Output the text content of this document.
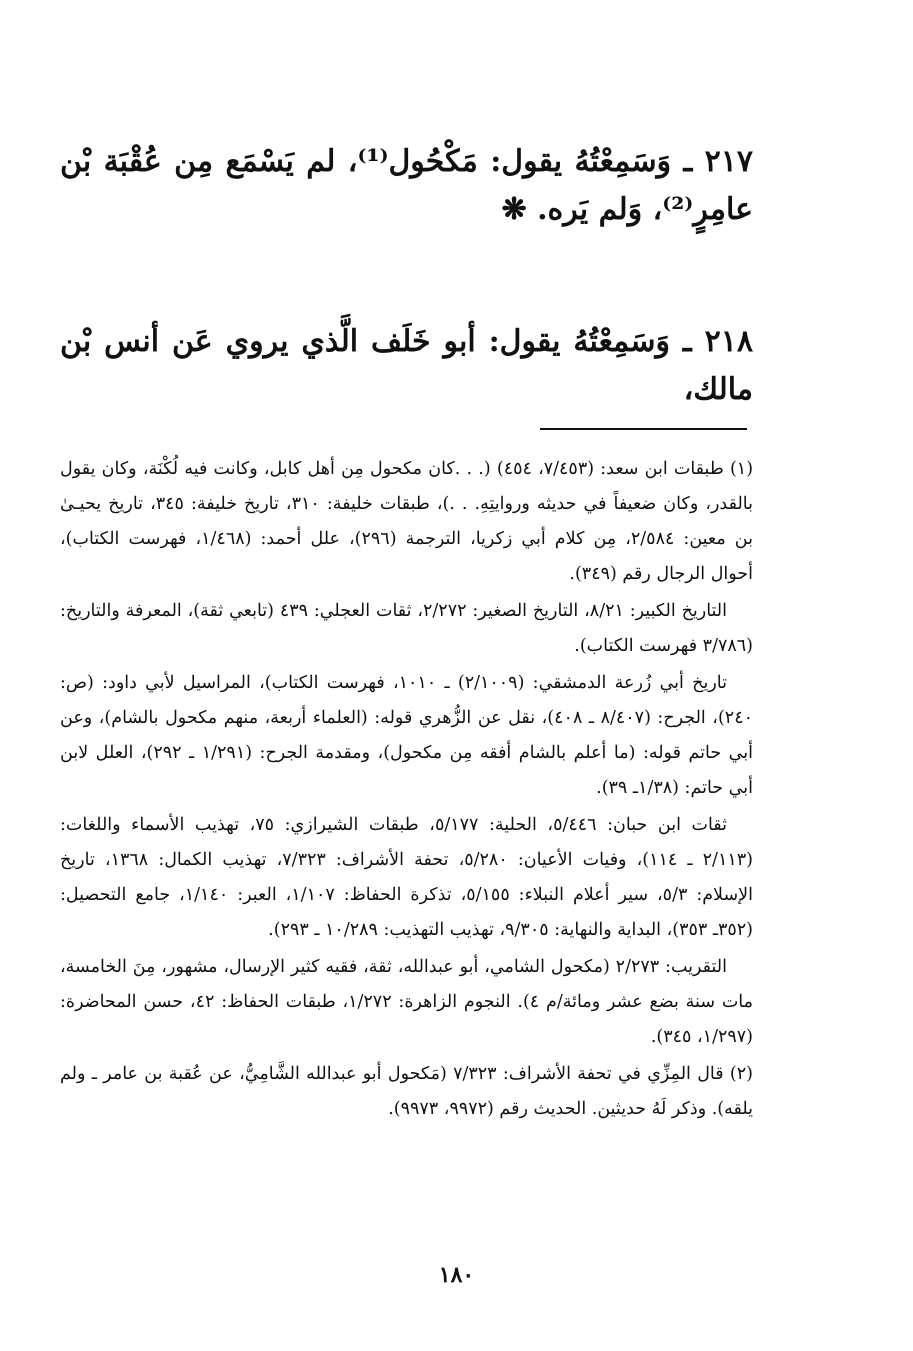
٢١٧ ـ وَسَمِعْتُهُ يقول: مَكْحُول⁽¹⁾، لم يَسْمَع مِن عُقْبَة بْن عامِرٍ⁽²⁾، وَلم يَره. ❋

٢١٨ ـ وَسَمِعْتُهُ يقول: أبو خَلَف الَّذي يروي عَن أنس بْن مالك،

(١) طبقات ابن سعد: (٧/٤٥٣، ٤٥٤) (. . .كان مكحول مِن أهل كابل، وكانت فيه لُكْنَة، وكان يقول بالقدر، وكان ضعيفاً في حديثه وروايتِهِ. . .)، طبقات خليفة: ٣١٠، تاريخ خليفة: ٣٤٥، تاريخ يحيـىٰ بن معين: ٢/٥٨٤، مِن كلام أبي زكريا، الترجمة (٢٩٦)، علل أحمد: (١/٤٦٨، فهرست الكتاب)، أحوال الرجال رقم (٣٤٩).

التاريخ الكبير: ٨/٢١، التاريخ الصغير: ٢/٢٧٢، ثقات العجلي: ٤٣٩ (تابعي ثقة)، المعرفة والتاريخ: (٣/٧٨٦ فهرست الكتاب).

تاريخ أبي زُرعة الدمشقي: (٢/١٠٠٩) ـ ١٠١٠، فهرست الكتاب)، المراسيل لأبي داود: (ص: ٢٤٠)، الجرح: (٨/٤٠٧ ـ ٤٠٨)، نقل عن الزُّهري قوله: (العلماء أربعة، منهم مكحول بالشام)، وعن أبي حاتم قوله: (ما أعلم بالشام أفقه مِن مكحول)، ومقدمة الجرح: (١/٢٩١ ـ ٢٩٢)، العلل لابن أبي حاتم: (١/٣٨ـ ٣٩).

ثقات ابن حبان: ٥/٤٤٦، الحلية: ٥/١٧٧، طبقات الشيرازي: ٧٥، تهذيب الأسماء واللغات: (٢/١١٣ ـ ١١٤)، وفيات الأعيان: ٥/٢٨٠، تحفة الأشراف: ٧/٣٢٣، تهذيب الكمال: ١٣٦٨، تاريخ الإسلام: ٥/٣، سير أعلام النبلاء: ٥/١٥٥، تذكرة الحفاظ: ١/١٠٧، العبر: ١/١٤٠، جامع التحصيل: (٣٥٢ـ ٣٥٣)، البداية والنهاية: ٩/٣٠٥، تهذيب التهذيب: ١٠/٢٨٩ ـ ٢٩٣).

التقريب: ٢/٢٧٣ (مكحول الشامي، أبو عبدالله، ثقة، فقيه كثير الإرسال، مشهور، مِنَ الخامسة، مات سنة بضع عشر ومائة/م ٤). النجوم الزاهرة: ١/٢٧٢، طبقات الحفاظ: ٤٢، حسن المحاضرة: (١/٢٩٧، ٣٤٥).

(٢) قال المِزِّي في تحفة الأشراف: ٧/٣٢٣ (مَكحول أبو عبدالله الشَّامِيُّ، عن عُقبة بن عامر ـ ولم يلقه). وذكر لَهُ حديثين. الحديث رقم (٩٩٧٢، ٩٩٧٣).

١٨٠
